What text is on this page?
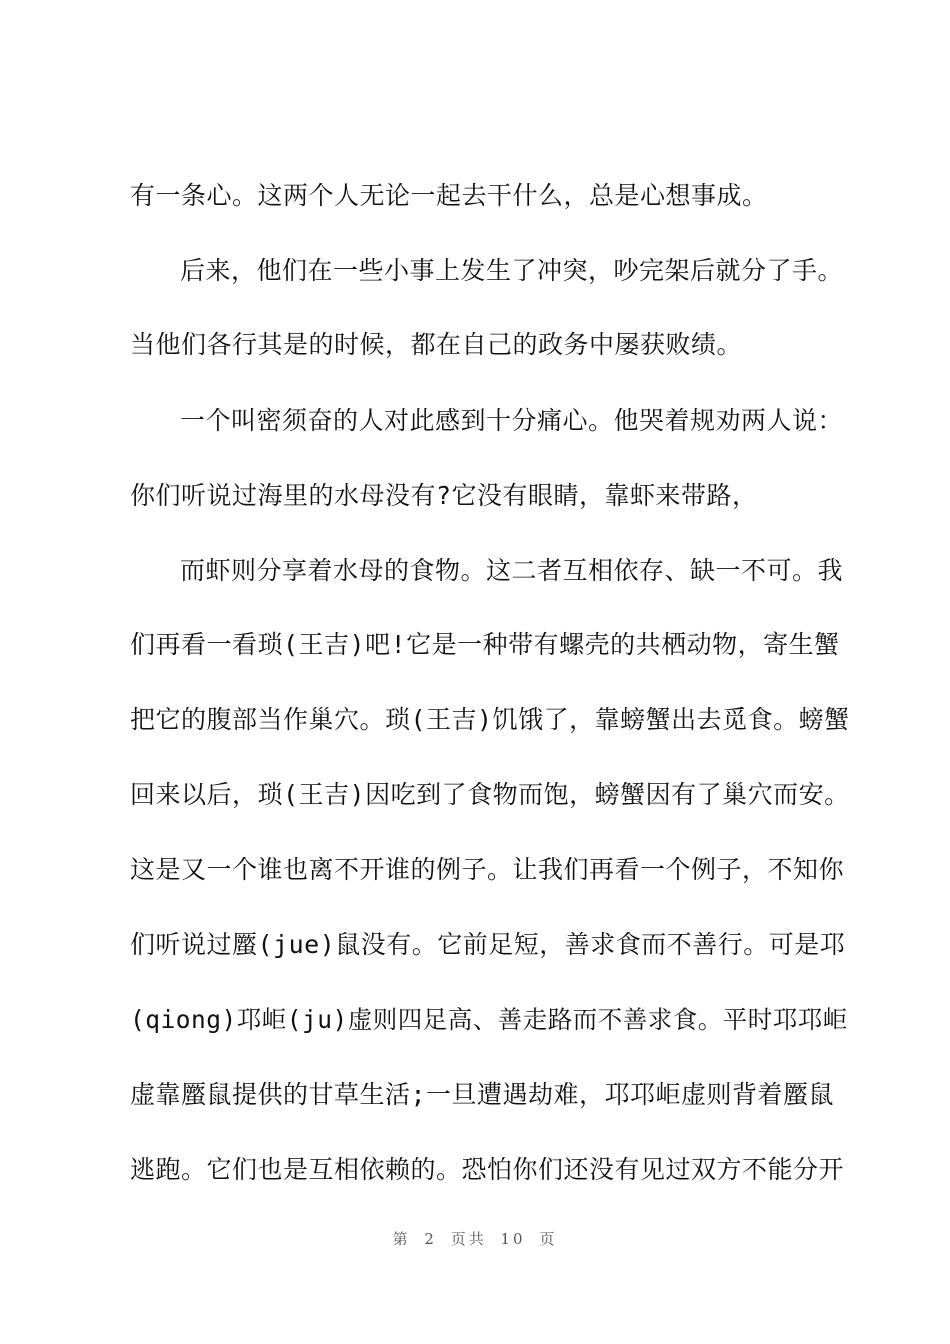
有一条心。这两个人无论一起去干什么，总是心想事成。
后来，他们在一些小事上发生了冲突，吵完架后就分了手。
当他们各行其是的时候，都在自己的政务中屡获败绩。
一个叫密须奋的人对此感到十分痛心。他哭着规劝两人说：
你们听说过海里的水母没有?它没有眼睛，靠虾来带路，
而虾则分享着水母的食物。这二者互相依存、缺一不可。我
们再看一看琐(王吉)吧!它是一种带有螺壳的共栖动物，寄生蟹
把它的腹部当作巢穴。琐(王吉)饥饿了，靠螃蟹出去觅食。螃蟹
回来以后，琐(王吉)因吃到了食物而饱，螃蟹因有了巢穴而安。
这是又一个谁也离不开谁的例子。让我们再看一个例子，不知你
们听说过蟨(jue)鼠没有。它前足短，善求食而不善行。可是邛
(qiong)邛岠(ju)虚则四足高、善走路而不善求食。平时邛邛岠
虚靠蟨鼠提供的甘草生活;一旦遭遇劫难，邛邛岠虚则背着蟨鼠
逃跑。它们也是互相依赖的。恐怕你们还没有见过双方不能分开
第 2 页共 10 页
